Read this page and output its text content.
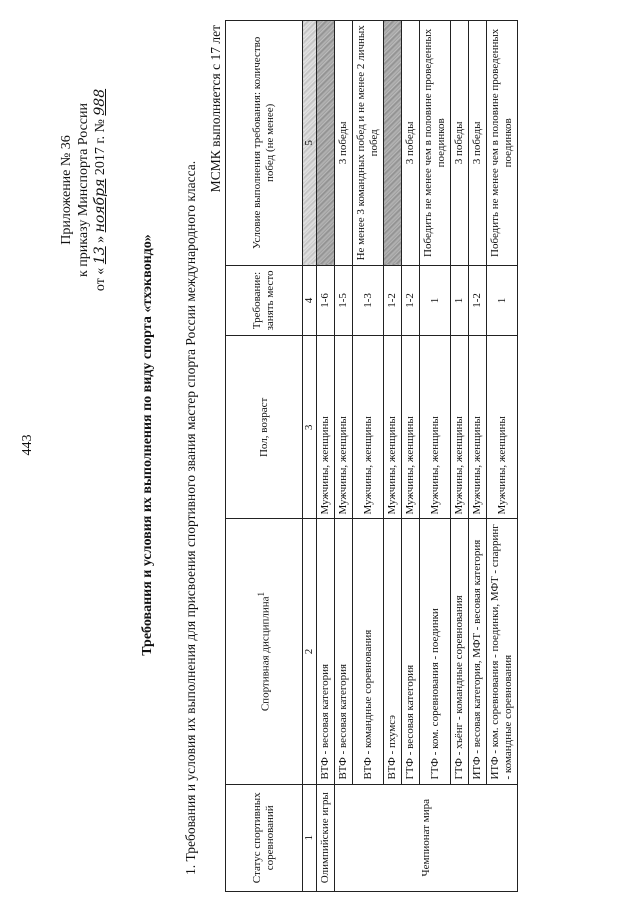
443
Приложение № 36 к приказу Минспорта России
от « 13 » ноября 2017 г. № 988
Требования и условия их выполнения по виду спорта «тхэквондо» 1. Требования и условия их выполнения для присвоения спортивного звания мастер спорта России международного класса.
МСМК выполняется с 17 лет
Статус спортивных соревнований	Спортивная дисциплина$^1$	Пол, возраст	Требование: занять место	Условие выполнения требования: количество побед (не менее)
1	2	3	4	5
Олимпийские игры	ВТФ - весовая категория	Мужчины, женщины	1-6	
Чемпионат мира	ВТФ - весовая категория	Мужчины, женщины	1-5	3 победы
	ВТФ - командные соревнования	Мужчины, женщины	1-3	Не менее 3 командных побед и не менее 2 личных побед
	ВТФ - пхумсэ	Мужчины, женщины	1-2	
	ГТФ - весовая категория	Мужчины, женщины	1-2	3 победы
	ГТФ - ком. соревнования - поединки	Мужчины, женщины	1	Победить не менее чем в половине проведенных поединков
	ГТФ - хъёнг - командные соревнования	Мужчины, женщины	1	3 победы
	ИТФ - весовая категория, МФТ - весовая категория	Мужчины, женщины	1-2	3 победы
	ИТФ - ком. соревнования - поединки, МФТ - спарринг - командные соревнования	Мужчины, женщины	1	Победить не менее чем в половине проведенных поединков
